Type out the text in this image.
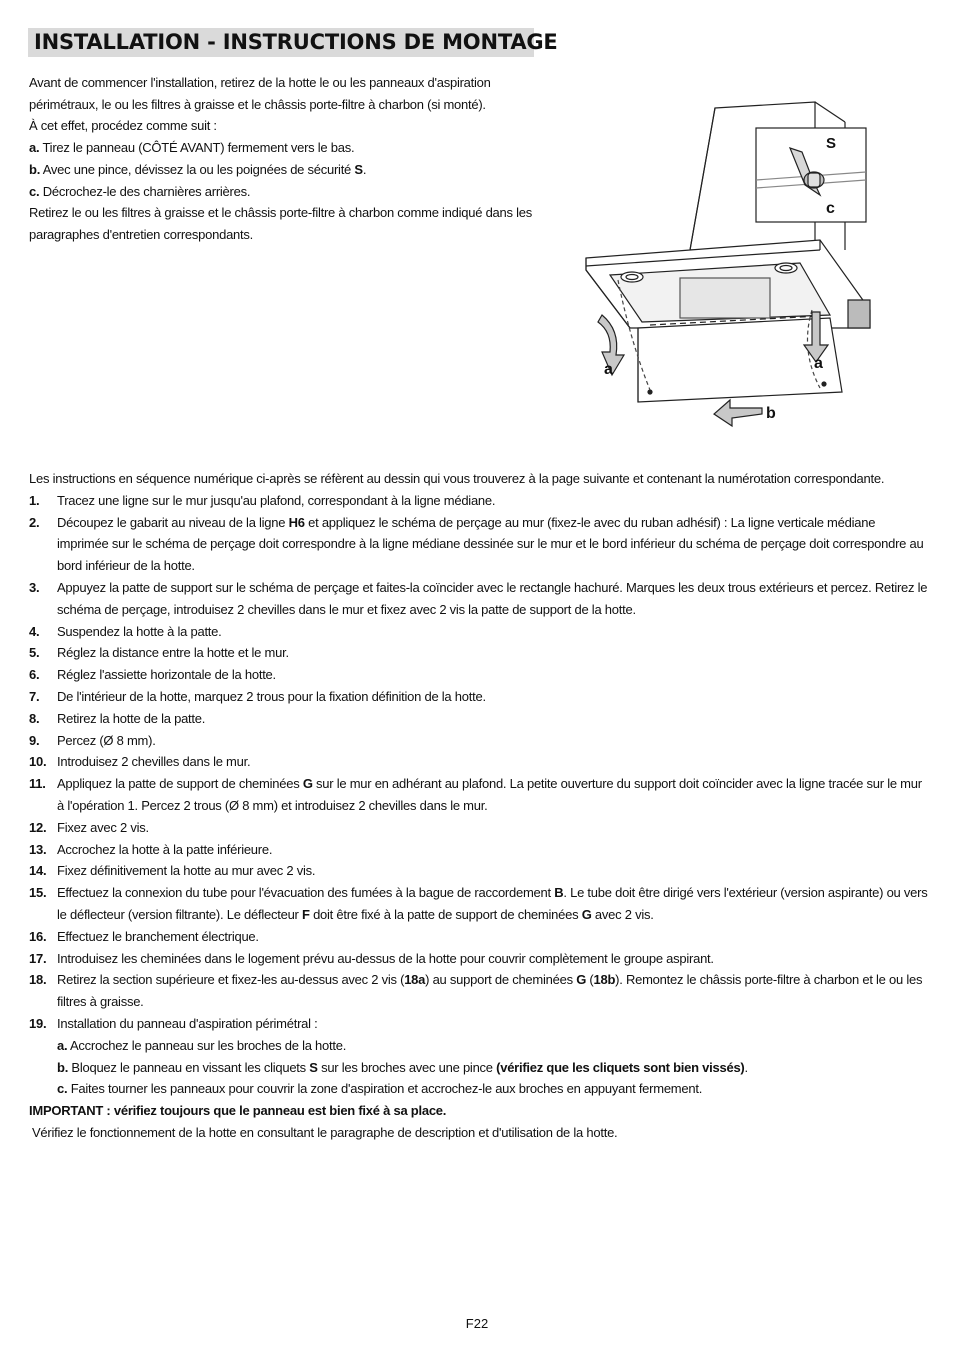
INSTALLATION - INSTRUCTIONS DE MONTAGE

Avant de commencer l'installation, retirez de la hotte le ou les panneaux d'aspiration

périmétraux, le ou les filtres à graisse et le châssis porte-filtre à charbon (si monté).

À cet effet, procédez comme suit :

a. Tirez le panneau (CÔTÉ AVANT) fermement vers le bas.

b. Avec une pince, dévissez la ou les poignées de sécurité S.

c. Décrochez-le des charnières arrières.

Retirez le ou les filtres à graisse et le châssis porte-filtre à charbon comme indiqué dans les

paragraphes d'entretien correspondants.

S
c
a	a
b

Les instructions en séquence numérique ci-après se réfèrent au dessin qui vous trouverez à la page suivante et contenant la numérotation correspondante.

1. Tracez une ligne sur le mur jusqu'au plafond, correspondant à la ligne médiane.

2. Découpez le gabarit au niveau de la ligne H6 et appliquez le schéma de perçage au mur (fixez-le avec du ruban adhésif) : La ligne verticale médiane imprimée sur le schéma de perçage doit correspondre à la ligne médiane dessinée sur le mur et le bord inférieur du schéma de perçage doit correspondre au bord inférieur de la hotte.

3. Appuyez la patte de support sur le schéma de perçage et faites-la coïncider avec le rectangle hachuré. Marques les deux trous extérieurs et percez. Retirez le schéma de perçage, introduisez 2 chevilles dans le mur et fixez avec 2 vis la patte de support de la hotte.

4. Suspendez la hotte à la patte.

5. Réglez la distance entre la hotte et le mur.

6. Réglez l'assiette horizontale de la hotte.

7. De l'intérieur de la hotte, marquez 2 trous pour la fixation définition de la hotte.

8. Retirez la hotte de la patte.

9. Percez (Ø 8 mm).

10. Introduisez 2 chevilles dans le mur.

11. Appliquez la patte de support de cheminées G sur le mur en adhérant au plafond. La petite ouverture du support doit coïncider avec la ligne tracée sur le mur à l'opération 1. Percez 2 trous (Ø 8 mm) et introduisez 2 chevilles dans le mur.

12. Fixez avec 2 vis.

13. Accrochez la hotte à la patte inférieure.

14. Fixez définitivement la hotte au mur avec 2 vis.

15. Effectuez la connexion du tube pour l'évacuation des fumées à la bague de raccordement B. Le tube doit être dirigé vers l'extérieur (version aspirante) ou vers le déflecteur (version filtrante). Le déflecteur F doit être fixé à la patte de support de cheminées G avec 2 vis.

16. Effectuez le branchement électrique.

17. Introduisez les cheminées dans le logement prévu au-dessus de la hotte pour couvrir complètement le groupe aspirant.

18. Retirez la section supérieure et fixez-les au-dessus avec 2 vis (18a) au support de cheminées G (18b). Remontez le châssis porte-filtre à charbon et le ou les filtres à graisse.

19. Installation du panneau d'aspiration périmétral :

a. Accrochez le panneau sur les broches de la hotte.

b. Bloquez le panneau en vissant les cliquets S sur les broches avec une pince (vérifiez que les cliquets sont bien vissés).

c. Faites tourner les panneaux pour couvrir la zone d'aspiration et accrochez-le aux broches en appuyant fermement.

IMPORTANT : vérifiez toujours que le panneau est bien fixé à sa place.

Vérifiez le fonctionnement de la hotte en consultant le paragraphe de description et d'utilisation de la hotte.

F22
